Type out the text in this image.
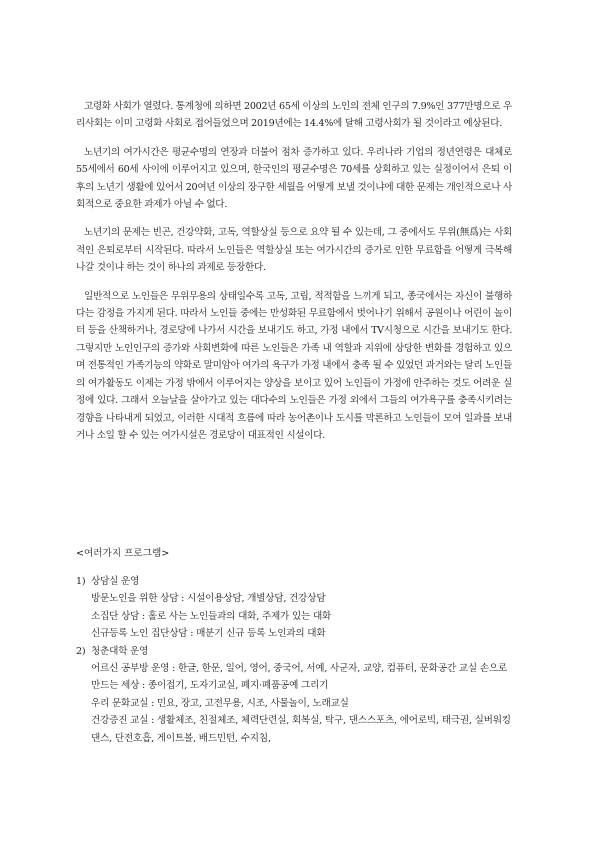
고령화 사회가 열렸다. 통계청에 의하면 2002년 65세 이상의 노인의 전체 인구의 7.9%인 377만명으로 우리사회는 이미 고령화 사회로 접어들었으며 2019년에는 14.4%에 달해 고령사회가 될 것이라고 예상된다.

노년기의 여가시간은 평균수명의 연장과 더불어 점차 증가하고 있다. 우리나라 기업의 정년연령은 대체로 55세에서 60세 사이에 이루어지고 있으며, 한국인의 평균수명은 70세를 상회하고 있는 실정이어서 은퇴 이후의 노년기 생활에 있어서 20여년 이상의 장구한 세월을 어떻게 보낼 것이냐에 대한 문제는 개인적으로나 사회적으로 중요한 과제가 아닐 수 없다.

노년기의 문제는 빈곤, 건강약화, 고독, 역할상실 등으로 요약 될 수 있는데, 그 중에서도 무위(無爲)는 사회적인 은퇴로부터 시작된다. 따라서 노인들은 역할상실 또는 여가시간의 증가로 인한 무료함을 어떻게 극복해 나갈 것이냐 하는 것이 하나의 과제로 등장한다.

일반적으로 노인들은 무위무용의 상태일수록 고독, 고립, 적적함을 느끼게 되고, 종국에서는 자신이 불행하다는 감정을 가지게 된다. 따라서 노인들 중에는 만성화된 무료함에서 벗어나기 위해서 공원이나 어린이 놀이터 등을 산책하거나, 경로당에 나가서 시간을 보내기도 하고, 가정 내에서 TV시청으로 시간을 보내기도 한다. 그렇지만 노인인구의 증가와 사회변화에 따른 노인들은 가족 내 역할과 지위에 상당한 변화를 경험하고 있으며 전통적인 가족기능의 약화로 말미암아 여가의 욕구가 가정 내에서 충족 될 수 있었던 과거와는 달리 노인들의 여가활동도 이제는 가정 밖에서 이루어지는 양상을 보이고 있어 노인들이 가정에 안주하는 것도 어려운 실정에 있다. 그래서 오늘날을 살아가고 있는 대다수의 노인들은 가정 외에서 그들의 여가욕구를 충족시키려는 경향을 나타내게 되었고, 이러한 시대적 흐름에 따라 농어촌이나 도시를 막론하고 노인들이 모여 일과를 보내거나 소일 할 수 있는 여가시설은 경로당이 대표적인 시설이다.

<여러가지 프로그램>
1) 상담실 운영
방문노인을 위한 상담 : 시설이용상담, 개별상담, 건강상담
소집단 상담 : 홀로 사는 노인들과의 대화, 주제가 있는 대화
신규등록 노인 집단상담 : 매분기 신규 등록 노인과의 대화
2) 청춘대학 운영
어르신 공부방 운영 : 한글, 한문, 일어, 영어, 중국어, 서예, 사군자, 교양, 컴퓨터, 문화공간 교실 손으로 만드는 세상 : 종이접기, 도자기교실, 폐지·폐품공예 그리기
우리 문화교실 : 민요, 장고, 고전무용, 시조, 사물놀이, 노래교실
건강증진 교실 : 생활체조, 친절체조, 체력단련실, 회복실, 탁구, 댄스스포츠, 에어로빅, 태극권, 실버워킹댄스, 단전호흡, 게이트볼, 배드민턴, 수지침,
